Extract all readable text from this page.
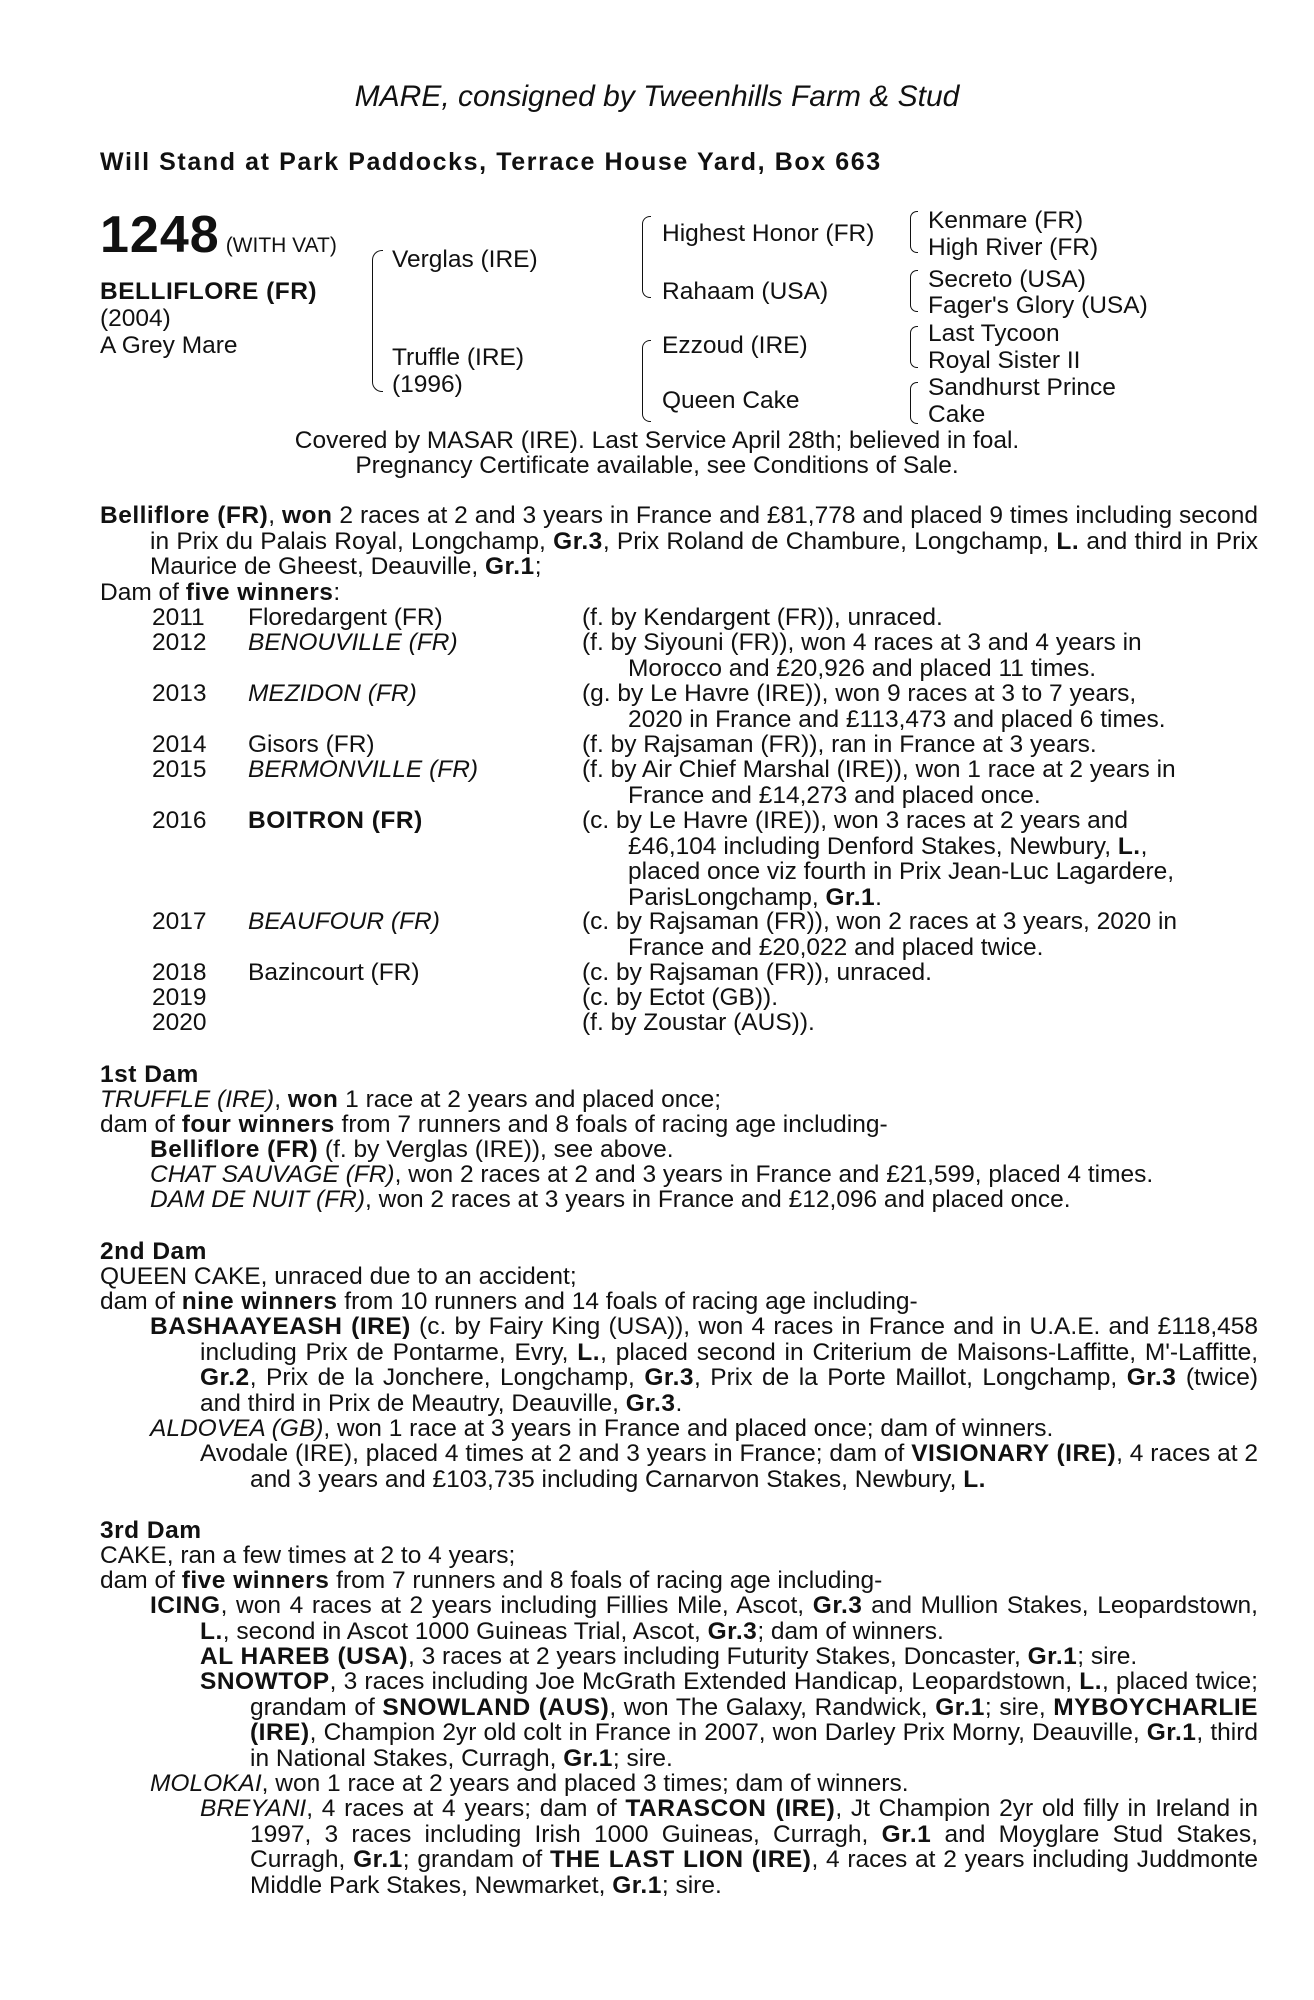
MARE, consigned by Tweenhills Farm & Stud
Will Stand at Park Paddocks, Terrace House Yard, Box 663
1248 (WITH VAT)
BELLIFLORE (FR)
(2004)
A Grey Mare
Verglas (IRE)
Truffle (IRE)
(1996)
Highest Honor (FR)
Rahaam (USA)
Ezzoud (IRE)
Queen Cake
Kenmare (FR)
High River (FR)
Secreto (USA)
Fager's Glory (USA)
Last Tycoon
Royal Sister II
Sandhurst Prince
Cake
Covered by MASAR (IRE). Last Service April 28th; believed in foal.
Pregnancy Certificate available, see Conditions of Sale.
Belliflore (FR), won 2 races at 2 and 3 years in France and £81,778 and placed 9 times including second in Prix du Palais Royal, Longchamp, Gr.3, Prix Roland de Chambure, Longchamp, L. and third in Prix Maurice de Gheest, Deauville, Gr.1;
Dam of five winners:
2011 Floredargent (FR)	(f. by Kendargent (FR)), unraced.
2012 BENOUVILLE (FR)	(f. by Siyouni (FR)), won 4 races at 3 and 4 years in
Morocco and £20,926 and placed 11 times.
2013 MEZIDON (FR)	(g. by Le Havre (IRE)), won 9 races at 3 to 7 years,
2020 in France and £113,473 and placed 6 times.
2014 Gisors (FR)	(f. by Rajsaman (FR)), ran in France at 3 years.
2015 BERMONVILLE (FR)	(f. by Air Chief Marshal (IRE)), won 1 race at 2 years in
France and £14,273 and placed once.
2016 BOITRON (FR)	(c. by Le Havre (IRE)), won 3 races at 2 years and
£46,104 including Denford Stakes, Newbury, L.,
placed once viz fourth in Prix Jean-Luc Lagardere,
ParisLongchamp, Gr.1.
2017 BEAUFOUR (FR)	(c. by Rajsaman (FR)), won 2 races at 3 years, 2020 in
France and £20,022 and placed twice.
2018 Bazincourt (FR)	(c. by Rajsaman (FR)), unraced.
2019	(c. by Ectot (GB)).
2020	(f. by Zoustar (AUS)).
1st Dam
TRUFFLE (IRE), won 1 race at 2 years and placed once;
dam of four winners from 7 runners and 8 foals of racing age including-
Belliflore (FR) (f. by Verglas (IRE)), see above.
CHAT SAUVAGE (FR), won 2 races at 2 and 3 years in France and £21,599, placed 4 times.
DAM DE NUIT (FR), won 2 races at 3 years in France and £12,096 and placed once.
2nd Dam
QUEEN CAKE, unraced due to an accident;
dam of nine winners from 10 runners and 14 foals of racing age including-
BASHAAYEASH (IRE) (c. by Fairy King (USA)), won 4 races in France and in U.A.E. and £118,458 including Prix de Pontarme, Evry, L., placed second in Criterium de Maisons-Laffitte, M'-Laffitte, Gr.2, Prix de la Jonchere, Longchamp, Gr.3, Prix de la Porte Maillot, Longchamp, Gr.3 (twice) and third in Prix de Meautry, Deauville, Gr.3.
ALDOVEA (GB), won 1 race at 3 years in France and placed once; dam of winners.
Avodale (IRE), placed 4 times at 2 and 3 years in France; dam of VISIONARY (IRE), 4 races at 2 and 3 years and £103,735 including Carnarvon Stakes, Newbury, L.
3rd Dam
CAKE, ran a few times at 2 to 4 years;
dam of five winners from 7 runners and 8 foals of racing age including-
ICING, won 4 races at 2 years including Fillies Mile, Ascot, Gr.3 and Mullion Stakes, Leopardstown, L., second in Ascot 1000 Guineas Trial, Ascot, Gr.3; dam of winners.
AL HAREB (USA), 3 races at 2 years including Futurity Stakes, Doncaster, Gr.1; sire.
SNOWTOP, 3 races including Joe McGrath Extended Handicap, Leopardstown, L., placed twice; grandam of SNOWLAND (AUS), won The Galaxy, Randwick, Gr.1; sire, MYBOYCHARLIE (IRE), Champion 2yr old colt in France in 2007, won Darley Prix Morny, Deauville, Gr.1, third in National Stakes, Curragh, Gr.1; sire.
MOLOKAI, won 1 race at 2 years and placed 3 times; dam of winners.
BREYANI, 4 races at 4 years; dam of TARASCON (IRE), Jt Champion 2yr old filly in Ireland in 1997, 3 races including Irish 1000 Guineas, Curragh, Gr.1 and Moyglare Stud Stakes, Curragh, Gr.1; grandam of THE LAST LION (IRE), 4 races at 2 years including Juddmonte Middle Park Stakes, Newmarket, Gr.1; sire.
